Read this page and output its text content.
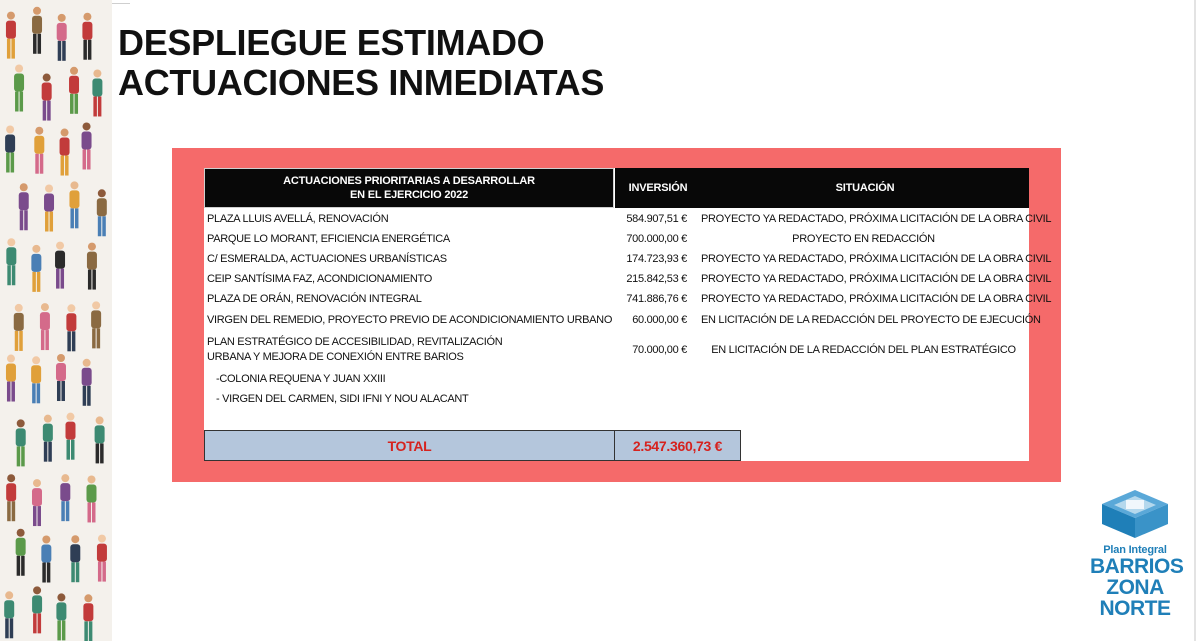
DESPLIEGUE ESTIMADO
ACTUACIONES INMEDIATAS
ACTUACIONES PRIORITARIAS A DESARROLLAR
EN EL EJERCICIO 2022
INVERSIÓN	SITUACIÓN
PLAZA LLUIS AVELLÁ, RENOVACIÓN	584.907,51 € PROYECTO YA REDACTADO, PRÓXIMA LICITACIÓN DE LA OBRA CIVIL
PARQUE LO MORANT, EFICIENCIA ENERGÉTICA	700.000,00 €	PROYECTO EN REDACCIÓN
C/ ESMERALDA, ACTUACIONES URBANÍSTICAS	174.723,93 € PROYECTO YA REDACTADO, PRÓXIMA LICITACIÓN DE LA OBRA CIVIL
CEIP SANTÍSIMA FAZ, ACONDICIONAMIENTO	215.842,53 € PROYECTO YA REDACTADO, PRÓXIMA LICITACIÓN DE LA OBRA CIVIL
PLAZA DE ORÁN, RENOVACIÓN INTEGRAL	741.886,76 € PROYECTO YA REDACTADO, PRÓXIMA LICITACIÓN DE LA OBRA CIVIL
VIRGEN DEL REMEDIO, PROYECTO PREVIO DE ACONDICIONAMIENTO URBANO	60.000,00 € EN LICITACIÓN DE LA REDACCIÓN DEL PROYECTO DE EJECUCIÓN
PLAN ESTRATÉGICO DE ACCESIBILIDAD, REVITALIZACIÓN
URBANA Y MEJORA DE CONEXIÓN ENTRE BARIOS
70.000,00 €	EN LICITACIÓN DE LA REDACCIÓN DEL PLAN ESTRATÉGICO
-COLONIA REQUENA Y JUAN XXIII
- VIRGEN DEL CARMEN, SIDI IFNI Y NOU ALACANT
TOTAL	2.547.360,73 €
Plan Integral
BARRIOS
ZONA
NORTE
